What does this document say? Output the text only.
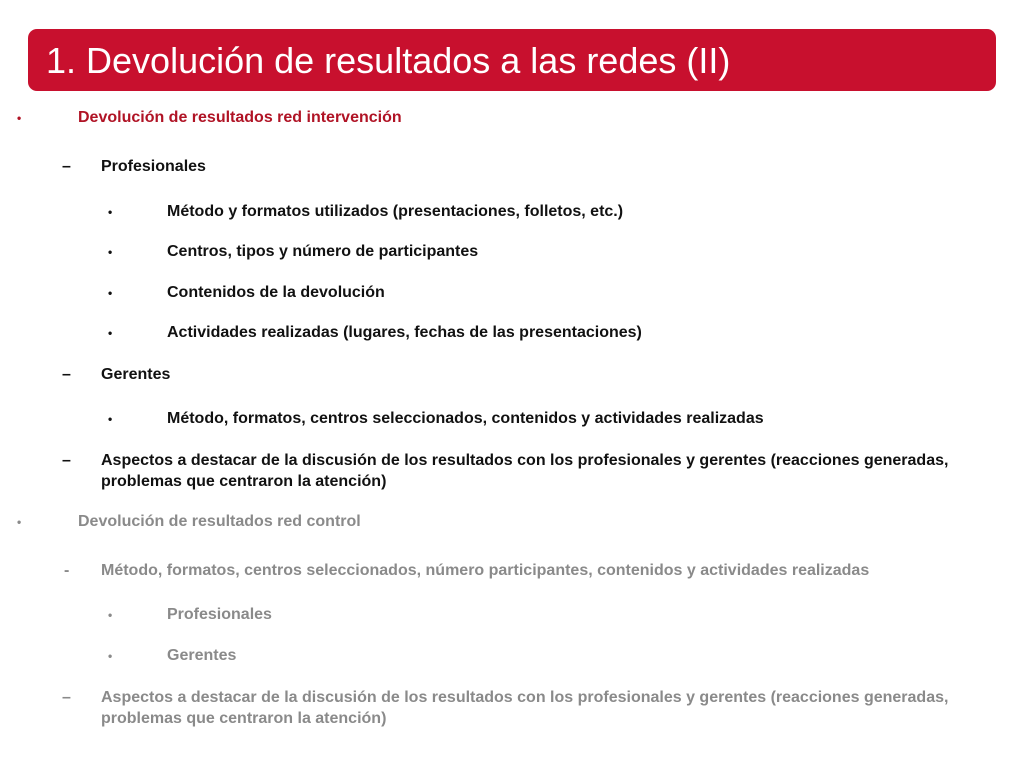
1. Devolución de resultados a las redes (II)
•	Devolución de resultados red intervención
–	Profesionales
•	Método y formatos utilizados (presentaciones, folletos, etc.)
•	Centros, tipos y número de participantes
•	Contenidos de la devolución
•	Actividades realizadas (lugares, fechas de las presentaciones)
–	Gerentes
•	Método, formatos, centros seleccionados, contenidos y actividades realizadas
–	Aspectos a destacar de la discusión de los resultados con los profesionales y gerentes (reacciones generadas, problemas que centraron la atención)
•	Devolución de resultados red control
-	Método, formatos, centros seleccionados, número participantes, contenidos y actividades realizadas
•	Profesionales
•	Gerentes
–	Aspectos a destacar de la discusión de los resultados con los profesionales y gerentes (reacciones generadas, problemas que centraron la atención)
